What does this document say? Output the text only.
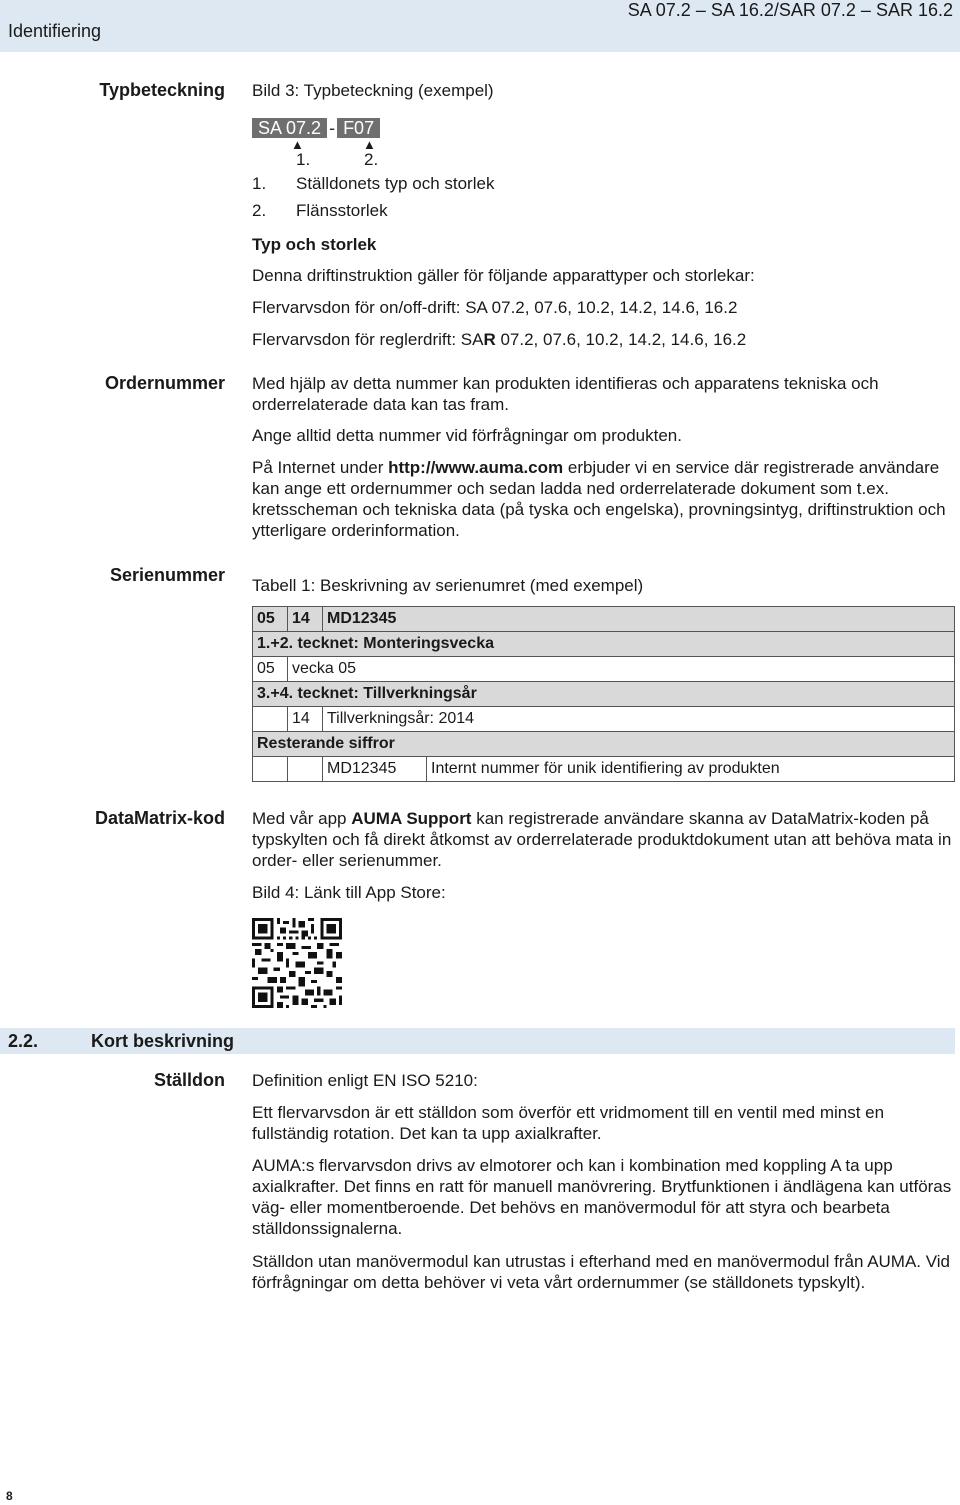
Identifiering
SA 07.2 – SA 16.2/SAR 07.2 – SAR 16.2
Typbeteckning Bild 3: Typbeteckning (exempel)
SA 07.2 - F07
▲	▲
1.	2.
1. Ställdonets typ och storlek
2. Flänsstorlek
Typ och storlek
Denna driftinstruktion gäller för följande apparattyper och storlekar:
Flervarvsdon för on/off-drift: SA 07.2, 07.6, 10.2, 14.2, 14.6, 16.2
Flervarvsdon för reglerdrift: SAR 07.2, 07.6, 10.2, 14.2, 14.6, 16.2
Ordernummer Med hjälp av detta nummer kan produkten identifieras och apparatens tekniska och orderrelaterade data kan tas fram.
Ange alltid detta nummer vid förfrågningar om produkten.
På Internet under http://www.auma.com erbjuder vi en service där registrerade användare kan ange ett ordernummer och sedan ladda ned orderrelaterade dokument som t.ex. kretsscheman och tekniska data (på tyska och engelska), provningsintyg, driftinstruktion och ytterligare orderinformation.
Serienummer
Tabell 1: Beskrivning av serienumret (med exempel)
05	14	MD12345	
1.+2. tecknet: Monteringsvecka			
05	vecka 05		
3.+4. tecknet: Tillverkningsår			
	14	Tillverkningsår: 2014	
Resterande siffror			
		MD12345	Internt nummer för unik identifiering av produkten
DataMatrix-kod Med vår app AUMA Support kan registrerade användare skanna av DataMatrix-koden på typskylten och få direkt åtkomst av orderrelaterade produktdokument utan att behöva mata in order- eller serienummer.
Bild 4: Länk till App Store:
2.2.	Kort beskrivning
Ställdon Definition enligt EN ISO 5210:
Ett flervarvsdon är ett ställdon som överför ett vridmoment till en ventil med minst en fullständig rotation. Det kan ta upp axialkrafter.
AUMA:s flervarvsdon drivs av elmotorer och kan i kombination med koppling A ta upp axialkrafter. Det finns en ratt för manuell manövrering. Brytfunktionen i ändlägena kan utföras väg- eller momentberoende. Det behövs en manövermodul för att styra och bearbeta ställdonssignalerna.
Ställdon utan manövermodul kan utrustas i efterhand med en manövermodul från AUMA. Vid förfrågningar om detta behöver vi veta vårt ordernummer (se ställdonets typskylt).
8
